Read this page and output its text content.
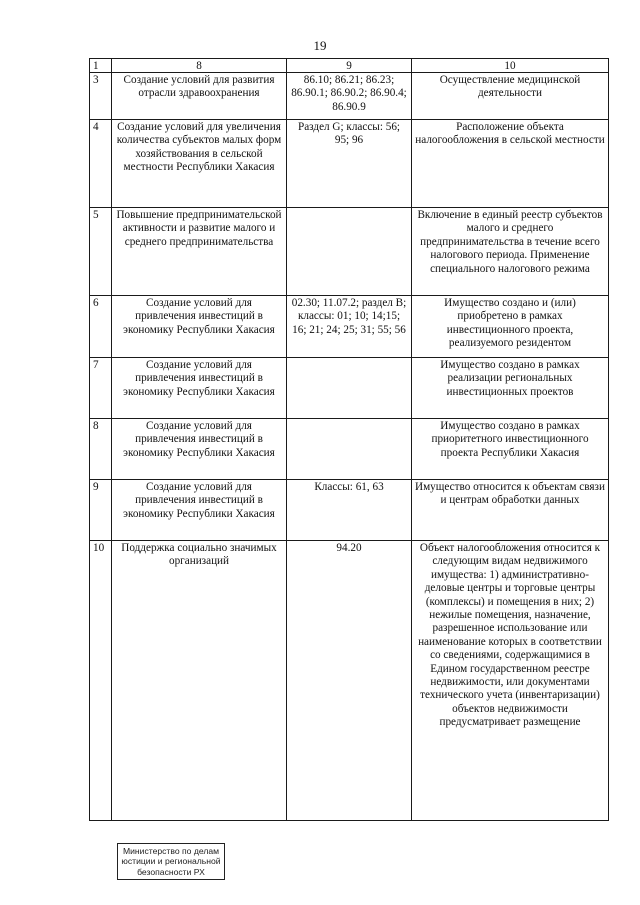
19
1	8	9	10
3	Создание условий для развития отрасли здравоохранения	86.10; 86.21; 86.23; 86.90.1; 86.90.2; 86.90.4; 86.90.9	Осуществление медицинской деятельности
4	Создание условий для увеличения количества субъектов малых форм хозяйствования в сельской местности Республики Хакасия	Раздел G; классы: 56; 95; 96	Расположение объекта налогообложения в сельской местности
5	Повышение предпринимательской активности и развитие малого и среднего предпринимательства		Включение в единый реестр субъектов малого и среднего предпринимательства в течение всего налогового периода. Применение специального налогового режима
6	Создание условий для привлечения инвестиций в экономику Республики Хакасия	02.30; 11.07.2; раздел В; классы: 01; 10; 14;15; 16; 21; 24; 25; 31; 55; 56	Имущество создано и (или) приобретено в рамках инвестиционного проекта, реализуемого резидентом
7	Создание условий для привлечения инвестиций в экономику Республики Хакасия		Имущество создано в рамках реализации региональных инвестиционных проектов
8	Создание условий для привлечения инвестиций в экономику Республики Хакасия		Имущество создано в рамках приоритетного инвестиционного проекта Республики Хакасия
9	Создание условий для привлечения инвестиций в экономику Республики Хакасия	Классы: 61, 63	Имущество относится к объектам связи и центрам обработки данных
10	Поддержка социально значимых организаций	94.20	Объект налогообложения относится к следующим видам недвижимого имущества: 1) административно-деловые центры и торговые центры (комплексы) и помещения в них; 2) нежилые помещения, назначение, разрешенное использование или наименование которых в соответствии со сведениями, содержащимися в Едином государственном реестре недвижимости, или документами технического учета (инвентаризации) объектов недвижимости предусматривает размещение
Министерство по делам
юстиции и региональной
безопасности РХ
